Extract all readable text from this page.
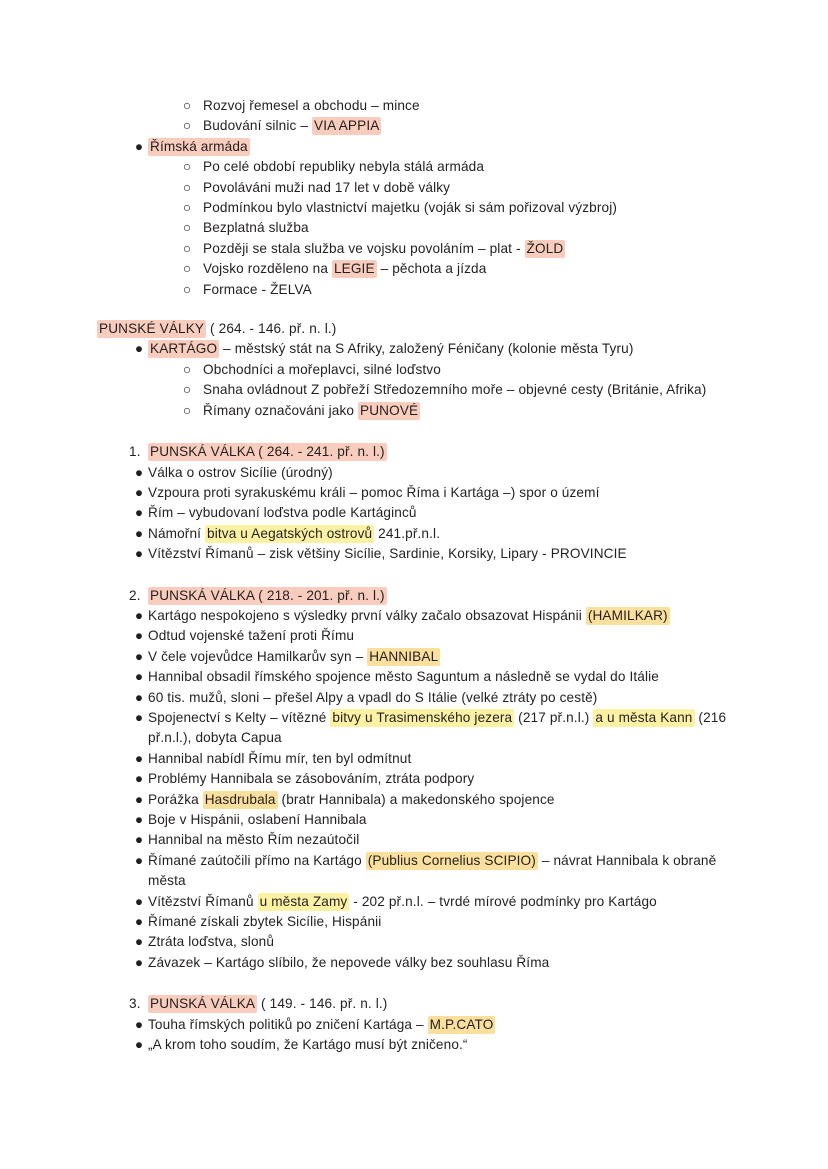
○ Rozvoj řemesel a obchodu – mince
○ Budování silnic – VIA APPIA
● Římská armáda
○ Po celé období republiky nebyla stálá armáda
○ Povoláváni muži nad 17 let v době války
○ Podmínkou bylo vlastnictví majetku (voják si sám pořizoval výzbroj)
○ Bezplatná služba
○ Později se stala služba ve vojsku povoláním – plat - ŽOLD
○ Vojsko rozděleno na LEGIE – pěchota a jízda
○ Formace - ŽELVA
PUNSKÉ VÁLKY ( 264. - 146. př. n. l.)
● KARTÁGO – městský stát na S Afriky, založený Féničany (kolonie města Tyru)
○ Obchodníci a mořeplavci, silné loďstvo
○ Snaha ovládnout Z pobřeží Středozemního moře – objevné cesty (Británie, Afrika)
○ Římany označováni jako PUNOVÉ
1. PUNSKÁ VÁLKA ( 264. - 241. př. n. l.)
● Válka o ostrov Sicílie (úrodný)
● Vzpoura proti syrakuskému králi – pomoc Říma i Kartága –) spor o území
● Řím – vybudovaní loďstva podle Kartáginců
● Námořní bitva u Aegatských ostrovů 241.př.n.l.
● Vítězství Římanů – zisk většiny Sicílie, Sardinie, Korsiky, Lipary - PROVINCIE
2. PUNSKÁ VÁLKA ( 218. - 201. př. n. l.)
● Kartágo nespokojeno s výsledky první války začalo obsazovat Hispánii (HAMILKAR)
● Odtud vojenské tažení proti Římu
● V čele vojevůdce Hamilkarův syn – HANNIBAL
● Hannibal obsadil římského spojence město Saguntum a následně se vydal do Itálie
● 60 tis. mužů, sloni – přešel Alpy a vpadl do S Itálie (velké ztráty po cestě)
● Spojenectví s Kelty – vítězné bitvy u Trasimenského jezera (217 př.n.l.) a u města Kann (216 př.n.l.), dobyta Capua
● Hannibal nabídl Římu mír, ten byl odmítnut
● Problémy Hannibala se zásobováním, ztráta podpory
● Porážka Hasdrubala (bratr Hannibala) a makedonského spojence
● Boje v Hispánii, oslabení Hannibala
● Hannibal na město Řím nezaútočil
● Římané zaútočili přímo na Kartágo (Publius Cornelius SCIPIO) – návrat Hannibala k obraně města
● Vítězství Římanů u města Zamy - 202 př.n.l. – tvrdé mírové podmínky pro Kartágo
● Římané získali zbytek Sicílie, Hispánii
● Ztráta loďstva, slonů
● Závazek – Kartágo slíbilo, že nepovede války bez souhlasu Říma
3. PUNSKÁ VÁLKA ( 149. - 146. př. n. l.)
● Touha římských politiků po zničení Kartága – M.P.CATO
● „A krom toho soudím, že Kartágo musí být zničeno.“
